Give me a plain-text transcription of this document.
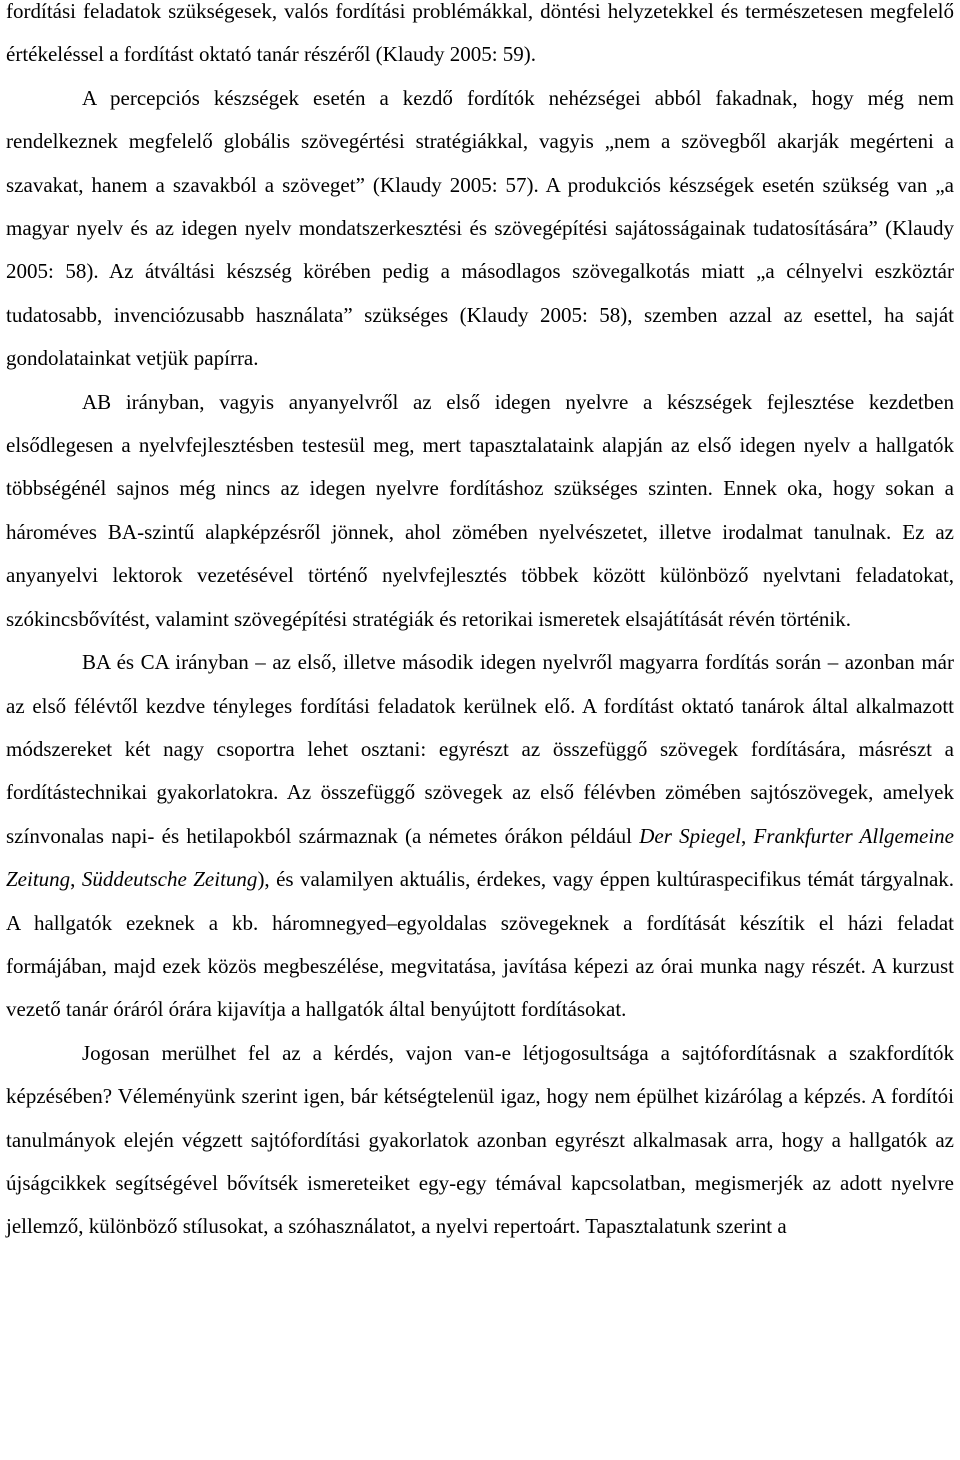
fordítási feladatok szükségesek, valós fordítási problémákkal, döntési helyzetekkel és természetesen megfelelő értékeléssel a fordítást oktató tanár részéről (Klaudy 2005: 59).

A percepciós készségek esetén a kezdő fordítók nehézségei abból fakadnak, hogy még nem rendelkeznek megfelelő globális szövegértési stratégiákkal, vagyis „nem a szövegből akarják megérteni a szavakat, hanem a szavakból a szöveget” (Klaudy 2005: 57). A produkciós készségek esetén szükség van „a magyar nyelv és az idegen nyelv mondatszerkesztési és szövegépítési sajátosságainak tudatosítására” (Klaudy 2005: 58). Az átváltási készség körében pedig a másodlagos szövegalkotás miatt „a célnyelvi eszköztár tudatosabb, invenciózusabb használata” szükséges (Klaudy 2005: 58), szemben azzal az esettel, ha saját gondolatainkat vetjük papírra.

AB irányban, vagyis anyanyelvről az első idegen nyelvre a készségek fejlesztése kezdetben elsődlegesen a nyelvfejlesztésben testesül meg, mert tapasztalataink alapján az első idegen nyelv a hallgatók többségénél sajnos még nincs az idegen nyelvre fordításhoz szükséges szinten. Ennek oka, hogy sokan a hároméves BA-szintű alapképzésről jönnek, ahol zömében nyelvészetet, illetve irodalmat tanulnak. Ez az anyanyelvi lektorok vezetésével történő nyelvfejlesztés többek között különböző nyelvtani feladatokat, szókincsbővítést, valamint szövegépítési stratégiák és retorikai ismeretek elsajátítását révén történik.

BA és CA irányban – az első, illetve második idegen nyelvről magyarra fordítás során – azonban már az első félévtől kezdve tényleges fordítási feladatok kerülnek elő. A fordítást oktató tanárok által alkalmazott módszereket két nagy csoportra lehet osztani: egyrészt az összefüggő szövegek fordítására, másrészt a fordítástechnikai gyakorlatokra. Az összefüggő szövegek az első félévben zömében sajtószövegek, amelyek színvonalas napi- és hetilapokból származnak (a németes órákon például Der Spiegel, Frankfurter Allgemeine Zeitung, Süddeutsche Zeitung), és valamilyen aktuális, érdekes, vagy éppen kultúraspecifikus témát tárgyalnak. A hallgatók ezeknek a kb. háromnegyed–egyoldalas szövegeknek a fordítását készítik el házi feladat formájában, majd ezek közös megbeszélése, megvitatása, javítása képezi az órai munka nagy részét. A kurzust vezető tanár óráról órára kijavítja a hallgatók által benyújtott fordításokat.

Jogosan merülhet fel az a kérdés, vajon van-e létjogosultsága a sajtófordításnak a szakfordítók képzésében? Véleményünk szerint igen, bár kétségtelenül igaz, hogy nem épülhet kizárólag a képzés. A fordítói tanulmányok elején végzett sajtófordítási gyakorlatok azonban egyrészt alkalmasak arra, hogy a hallgatók az újságcikkek segítségével bővítsék ismereteiket egy-egy témával kapcsolatban, megismerjék az adott nyelvre jellemző, különböző stílusokat, a szóhasználatot, a nyelvi repertoárt. Tapasztalatunk szerint a
